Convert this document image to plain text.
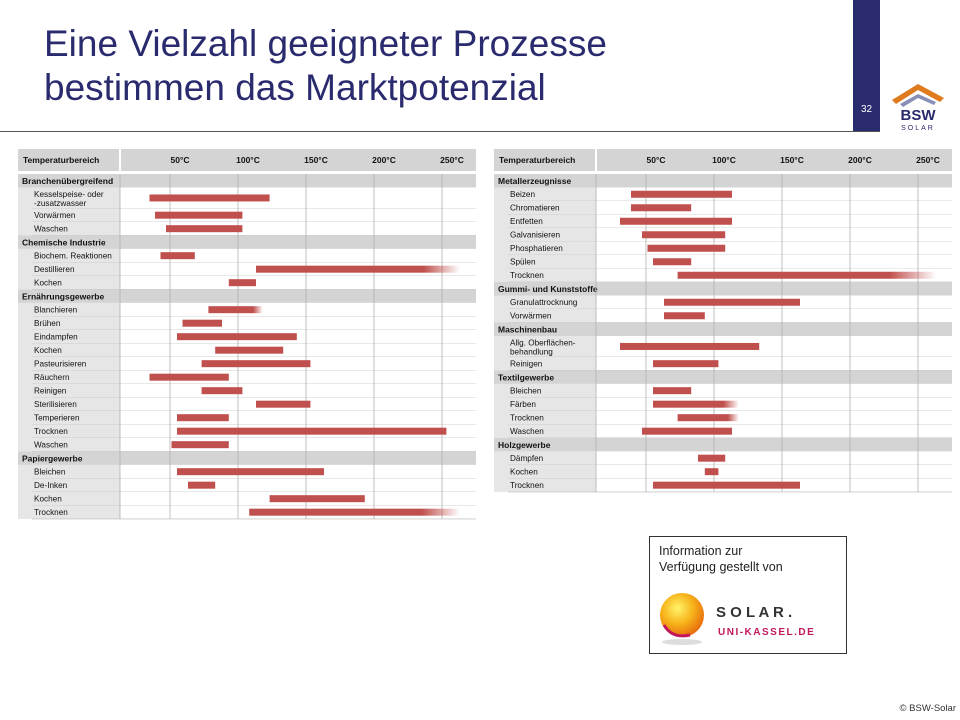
Eine Vielzahl geeigneter Prozesse
bestimmen das Marktpotenzial
32	BSW
SOLAR
Temperaturbereich	50°C	100°C	150°C	200°C	250°C
Branchenübergreifend
Kesselspeise- oder
-zusatzwasser
Vorwärmen
Waschen
Chemische Industrie
Biochem. Reaktionen
Destillieren
Kochen
Ernährungsgewerbe
Blanchieren
Brühen
Eindampfen
Kochen
Pasteurisieren
Räuchern
Reinigen
Sterilisieren
Temperieren
Trocknen
Waschen
Papiergewerbe
Bleichen
De-Inken
Kochen
Trocknen
Temperaturbereich	50°C	100°C	150°C	200°C	250°C
Metallerzeugnisse
Beizen
Chromatieren
Entfetten
Galvanisieren
Phosphatieren
Spülen
Trocknen
Gummi- und Kunststoffe
Granulattrocknung
Vorwärmen
Maschinenbau
Allg. Oberflächen-
behandlung
Reinigen
Textilgewerbe
Bleichen
Färben
Trocknen
Waschen
Holzgewerbe
Dämpfen
Kochen
Trocknen
Information zur
Verfügung gestellt von
S O L A R .
UNI-KASSEL.DE
© BSW-Solar
